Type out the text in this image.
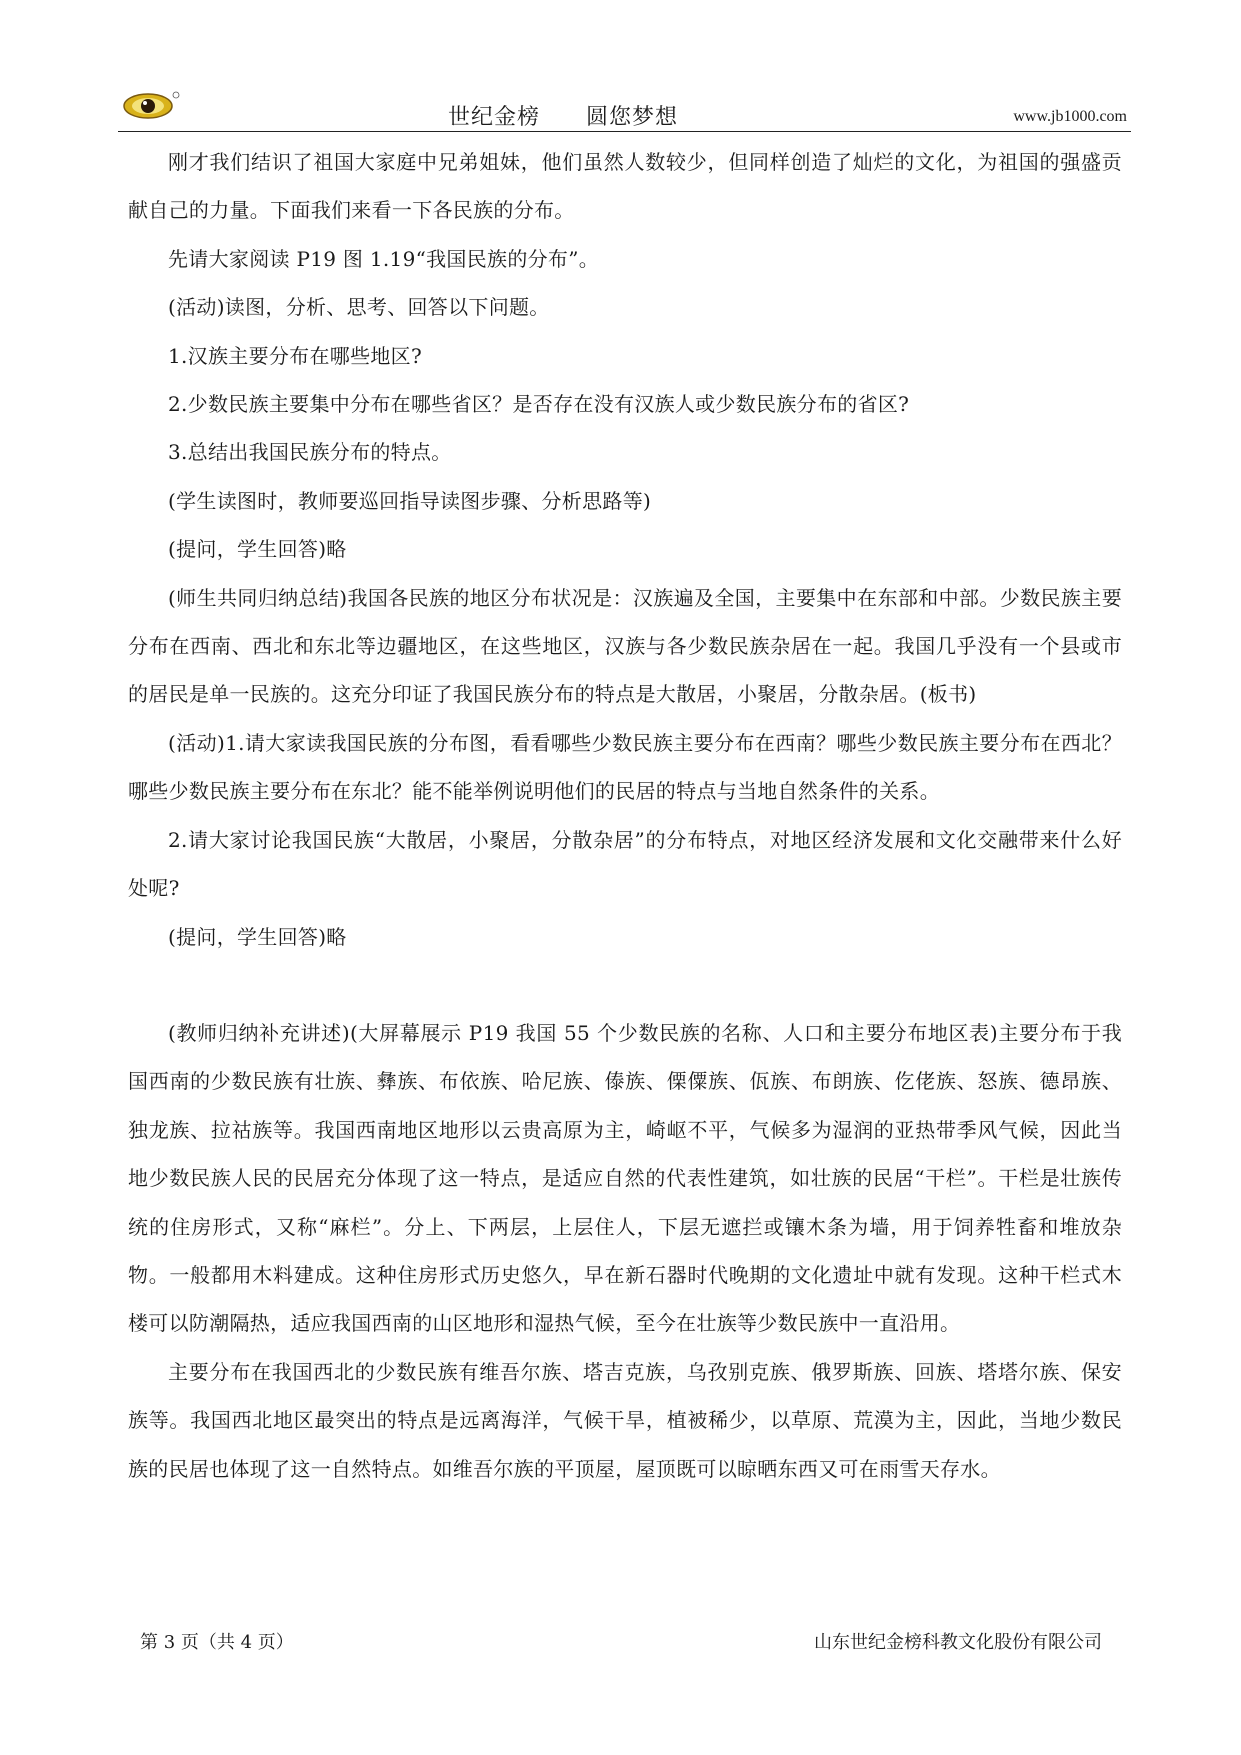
世纪金榜　　圆您梦想	www.jb1000.com

刚才我们结识了祖国大家庭中兄弟姐妹，他们虽然人数较少，但同样创造了灿烂的文化，为祖国的强盛贡献自己的力量。下面我们来看一下各民族的分布。

先请大家阅读 P19 图 1.19“我国民族的分布”。

(活动)读图，分析、思考、回答以下问题。

1.汉族主要分布在哪些地区?

2.少数民族主要集中分布在哪些省区？是否存在没有汉族人或少数民族分布的省区?

3.总结出我国民族分布的特点。

(学生读图时，教师要巡回指导读图步骤、分析思路等)

(提问，学生回答)略

(师生共同归纳总结)我国各民族的地区分布状况是：汉族遍及全国，主要集中在东部和中部。少数民族主要分布在西南、西北和东北等边疆地区，在这些地区，汉族与各少数民族杂居在一起。我国几乎没有一个县或市的居民是单一民族的。这充分印证了我国民族分布的特点是大散居，小聚居，分散杂居。(板书)

(活动)1.请大家读我国民族的分布图，看看哪些少数民族主要分布在西南？哪些少数民族主要分布在西北？哪些少数民族主要分布在东北？能不能举例说明他们的民居的特点与当地自然条件的关系。

2.请大家讨论我国民族“大散居，小聚居，分散杂居”的分布特点，对地区经济发展和文化交融带来什么好处呢?

(提问，学生回答)略

(教师归纳补充讲述)(大屏幕展示 P19 我国 55 个少数民族的名称、人口和主要分布地区表)主要分布于我国西南的少数民族有壮族、彝族、布依族、哈尼族、傣族、傈僳族、佤族、布朗族、仡佬族、怒族、德昂族、独龙族、拉祜族等。我国西南地区地形以云贵高原为主，崎岖不平，气候多为湿润的亚热带季风气候，因此当地少数民族人民的民居充分体现了这一特点，是适应自然的代表性建筑，如壮族的民居“干栏”。干栏是壮族传统的住房形式，又称“麻栏”。分上、下两层，上层住人，下层无遮拦或镶木条为墙，用于饲养牲畜和堆放杂物。一般都用木料建成。这种住房形式历史悠久，早在新石器时代晚期的文化遗址中就有发现。这种干栏式木楼可以防潮隔热，适应我国西南的山区地形和湿热气候，至今在壮族等少数民族中一直沿用。

主要分布在我国西北的少数民族有维吾尔族、塔吉克族，乌孜别克族、俄罗斯族、回族、塔塔尔族、保安族等。我国西北地区最突出的特点是远离海洋，气候干旱，植被稀少，以草原、荒漠为主，因此，当地少数民族的民居也体现了这一自然特点。如维吾尔族的平顶屋，屋顶既可以晾晒东西又可在雨雪天存水。

第 3 页（共 4 页）	山东世纪金榜科教文化股份有限公司
